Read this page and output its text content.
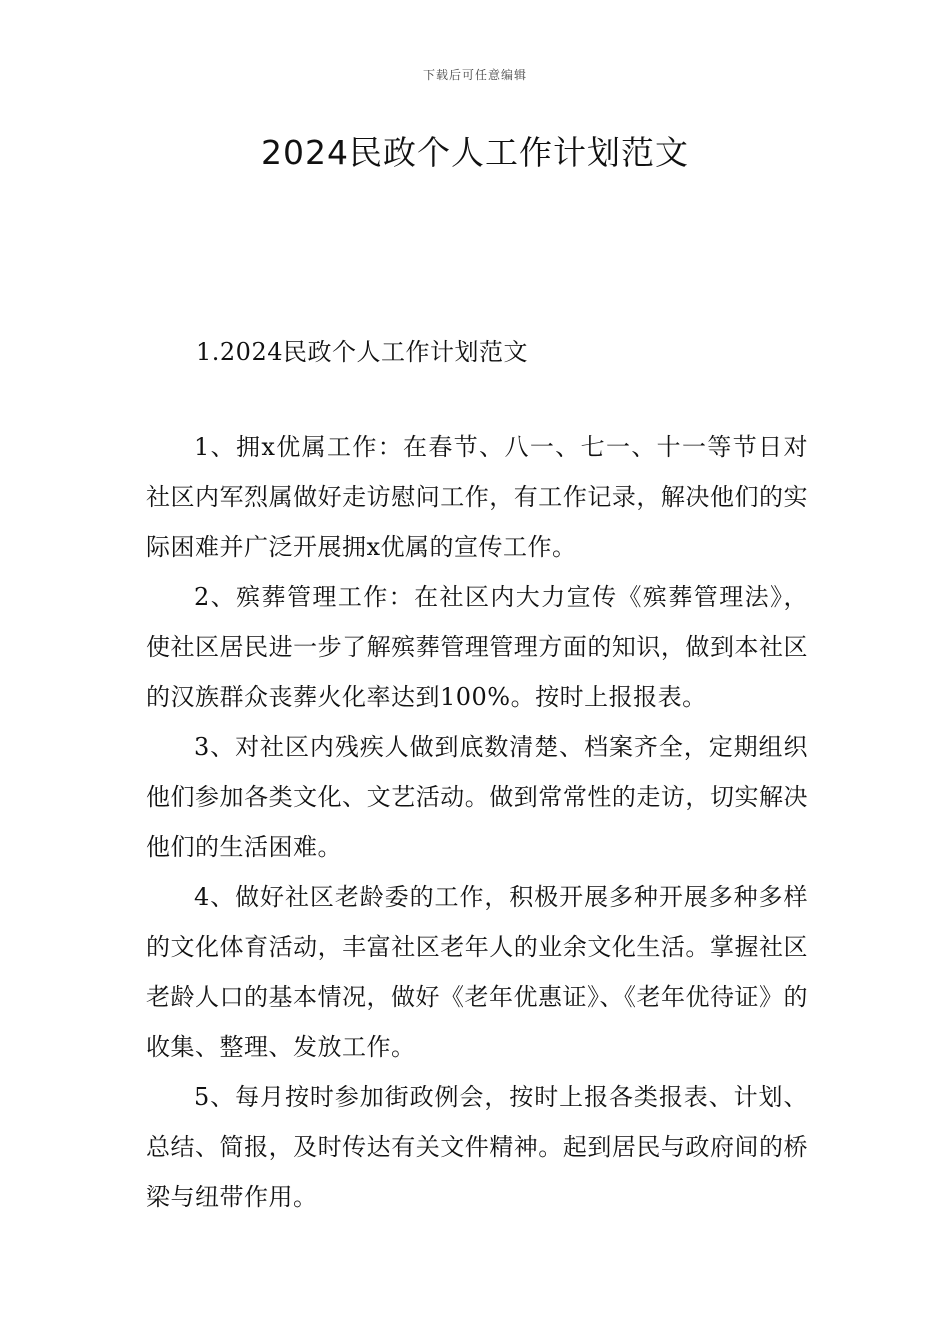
下载后可任意编辑
2024民政个人工作计划范文
1.2024民政个人工作计划范文

1、拥x优属工作：在春节、八一、七一、十一等节日对社区内军烈属做好走访慰问工作，有工作记录，解决他们的实际困难并广泛开展拥x优属的宣传工作。

2、殡葬管理工作：在社区内大力宣传《殡葬管理法》，使社区居民进一步了解殡葬管理管理方面的知识，做到本社区的汉族群众丧葬火化率达到100%。按时上报报表。

3、对社区内残疾人做到底数清楚、档案齐全，定期组织他们参加各类文化、文艺活动。做到常常性的走访，切实解决他们的生活困难。

4、做好社区老龄委的工作，积极开展多种开展多种多样的文化体育活动，丰富社区老年人的业余文化生活。掌握社区老龄人口的基本情况，做好《老年优惠证》、《老年优待证》的收集、整理、发放工作。

5、每月按时参加街政例会，按时上报各类报表、计划、总结、简报，及时传达有关文件精神。起到居民与政府间的桥梁与纽带作用。
